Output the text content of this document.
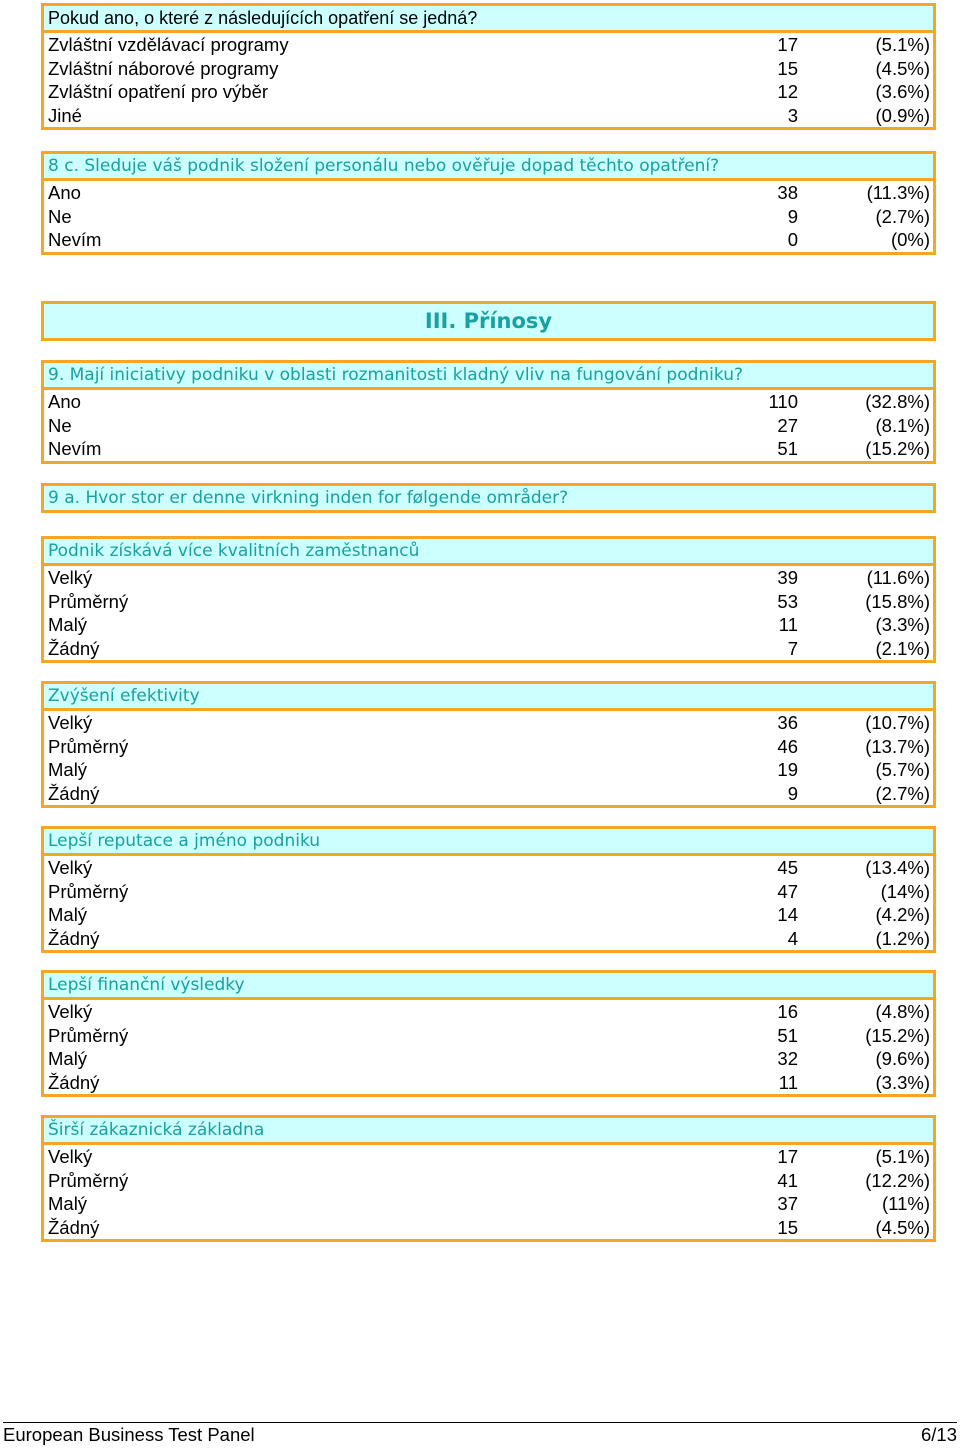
Pokud ano, o které z následujících opatření se jedná?
Zvláštní vzdělávací programy	17	(5.1%)
Zvláštní náborové programy	15	(4.5%)
Zvláštní opatření pro výběr	12	(3.6%)
Jiné	3	(0.9%)
8 c. Sleduje váš podnik složení personálu nebo ověřuje dopad těchto opatření?
Ano	38	(11.3%)
Ne	9	(2.7%)
Nevím	0	(0%)
III. Přínosy
9. Mají iniciativy podniku v oblasti rozmanitosti kladný vliv na fungování podniku?
Ano	110	(32.8%)
Ne	27	(8.1%)
Nevím	51	(15.2%)
9 a. Hvor stor er denne virkning inden for følgende områder?
Podnik získává více kvalitních zaměstnanců
Velký	39	(11.6%)
Průměrný	53	(15.8%)
Malý	11	(3.3%)
Žádný	7	(2.1%)
Zvýšení efektivity
Velký	36	(10.7%)
Průměrný	46	(13.7%)
Malý	19	(5.7%)
Žádný	9	(2.7%)
Lepší reputace a jméno podniku
Velký	45	(13.4%)
Průměrný	47	(14%)
Malý	14	(4.2%)
Žádný	4	(1.2%)
Lepší finanční výsledky
Velký	16	(4.8%)
Průměrný	51	(15.2%)
Malý	32	(9.6%)
Žádný	11	(3.3%)
Širší zákaznická základna
Velký	17	(5.1%)
Průměrný	41	(12.2%)
Malý	37	(11%)
Žádný	15	(4.5%)
European Business Test Panel	6/13
